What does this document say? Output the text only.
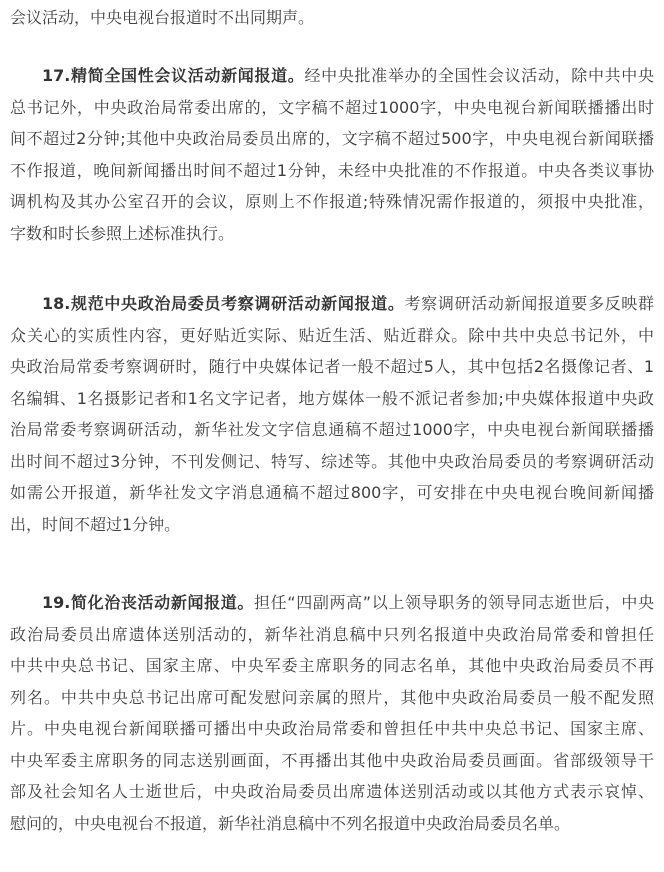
会议活动，中央电视台报道时不出同期声。
17.精简全国性会议活动新闻报道。经中央批准举办的全国性会议活动，除中共中央
总书记外，中央政治局常委出席的，文字稿不超过1000字，中央电视台新闻联播播出时
间不超过2分钟;其他中央政治局委员出席的，文字稿不超过500字，中央电视台新闻联播
不作报道，晚间新闻播出时间不超过1分钟，未经中央批准的不作报道。中央各类议事协
调机构及其办公室召开的会议，原则上不作报道;特殊情况需作报道的，须报中央批准，
字数和时长参照上述标准执行。
18.规范中央政治局委员考察调研活动新闻报道。考察调研活动新闻报道要多反映群
众关心的实质性内容，更好贴近实际、贴近生活、贴近群众。除中共中央总书记外，中
央政治局常委考察调研时，随行中央媒体记者一般不超过5人，其中包括2名摄像记者、1
名编辑、1名摄影记者和1名文字记者，地方媒体一般不派记者参加;中央媒体报道中央政
治局常委考察调研活动，新华社发文字信息通稿不超过1000字，中央电视台新闻联播播
出时间不超过3分钟，不刊发侧记、特写、综述等。其他中央政治局委员的考察调研活动
如需公开报道，新华社发文字消息通稿不超过800字，可安排在中央电视台晚间新闻播
出，时间不超过1分钟。
19.简化治丧活动新闻报道。担任“四副两高”以上领导职务的领导同志逝世后，中央
政治局委员出席遗体送别活动的，新华社消息稿中只列名报道中央政治局常委和曾担任
中共中央总书记、国家主席、中央军委主席职务的同志名单，其他中央政治局委员不再
列名。中共中央总书记出席可配发慰问亲属的照片，其他中央政治局委员一般不配发照
片。中央电视台新闻联播可播出中央政治局常委和曾担任中共中央总书记、国家主席、
中央军委主席职务的同志送别画面，不再播出其他中央政治局委员画面。省部级领导干
部及社会知名人士逝世后，中央政治局委员出席遗体送别活动或以其他方式表示哀悼、
慰问的，中央电视台不报道，新华社消息稿中不列名报道中央政治局委员名单。
